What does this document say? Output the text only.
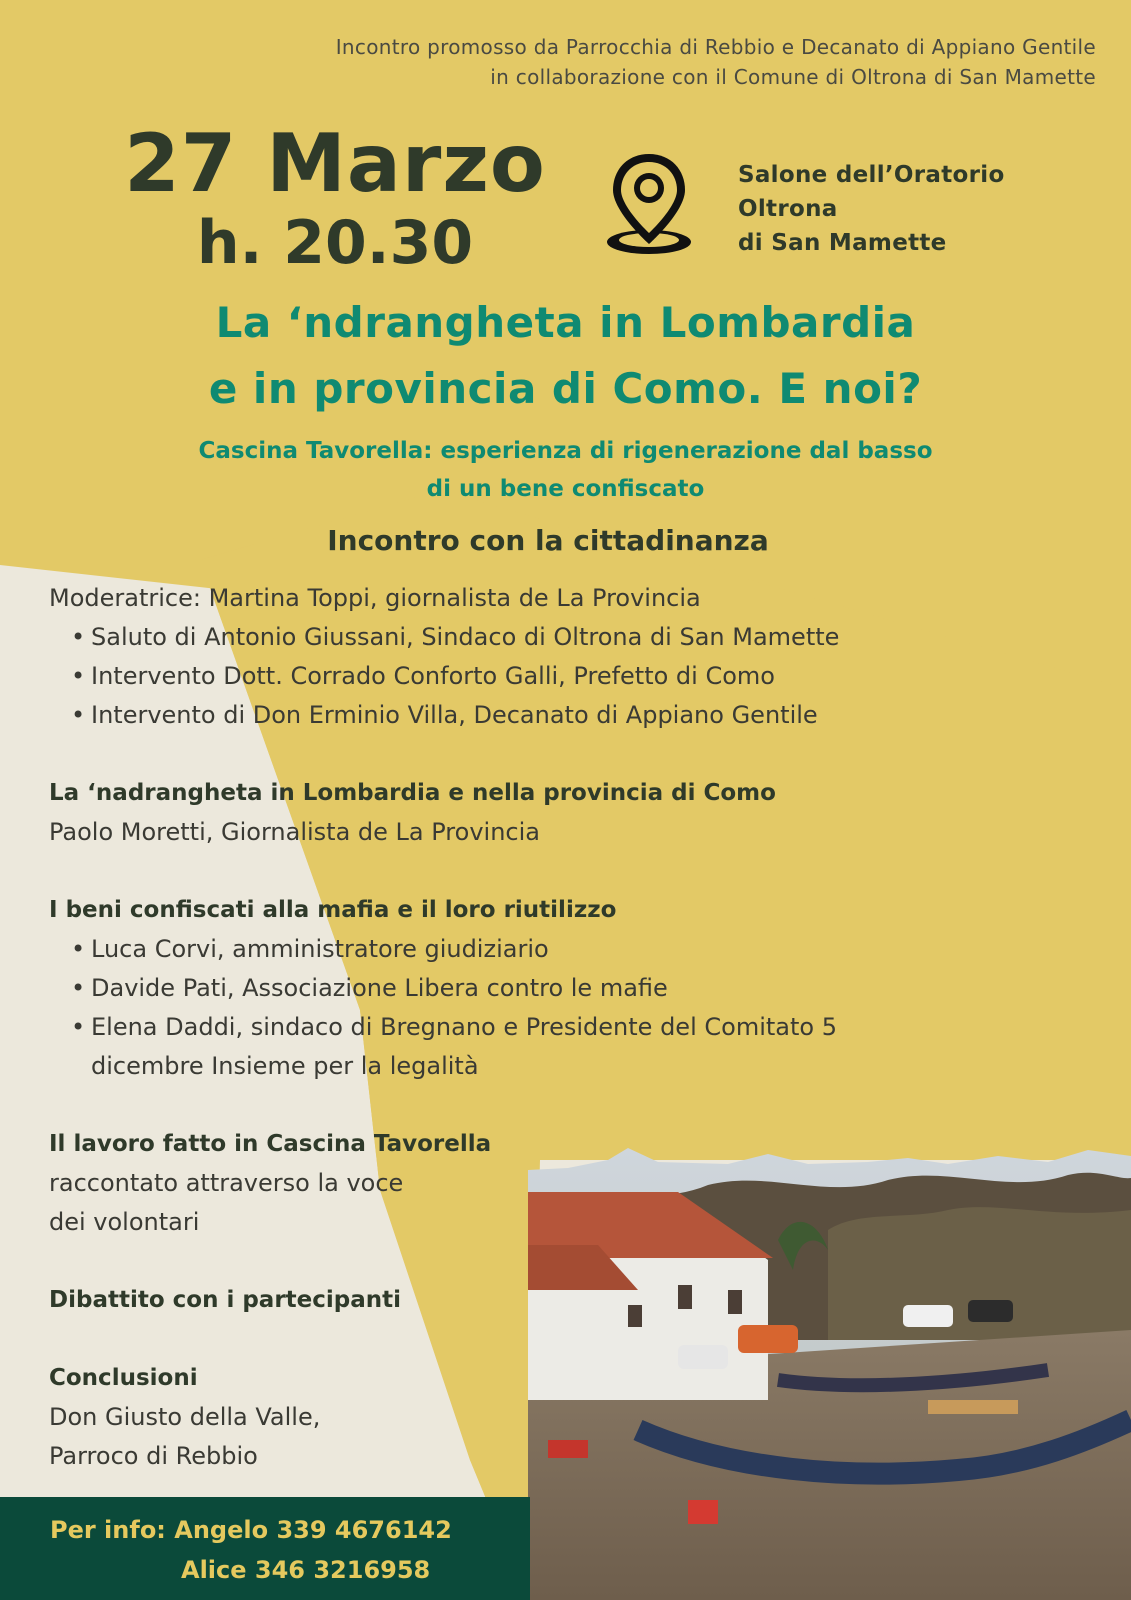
Incontro promosso da Parrocchia di Rebbio e Decanato di Appiano Gentile
in collaborazione con il Comune di Oltrona di San Mamette
27 Marzo
h. 20.30
Salone dell’Oratorio
Oltrona
di San Mamette
La ‘ndrangheta in Lombardia
e in provincia di Como. E noi?
Cascina Tavorella: esperienza di rigenerazione dal basso
di un bene confiscato
Incontro con la cittadinanza
Moderatrice: Martina Toppi, giornalista de La Provincia
• Saluto di Antonio Giussani, Sindaco di Oltrona di San Mamette
• Intervento Dott. Corrado Conforto Galli, Prefetto di Como
• Intervento di Don Erminio Villa, Decanato di Appiano Gentile
La ‘nadrangheta in Lombardia e nella provincia di Como
Paolo Moretti, Giornalista de La Provincia
I beni confiscati alla mafia e il loro riutilizzo
• Luca Corvi, amministratore giudiziario
• Davide Pati, Associazione Libera contro le mafie
• Elena Daddi, sindaco di Bregnano e Presidente del Comitato 5
dicembre Insieme per la legalità
Il lavoro fatto in Cascina Tavorella
raccontato attraverso la voce
dei volontari
Dibattito con i partecipanti
Conclusioni
Don Giusto della Valle,
Parroco di Rebbio
Per info: Angelo 339 4676142
Alice 346 3216958
